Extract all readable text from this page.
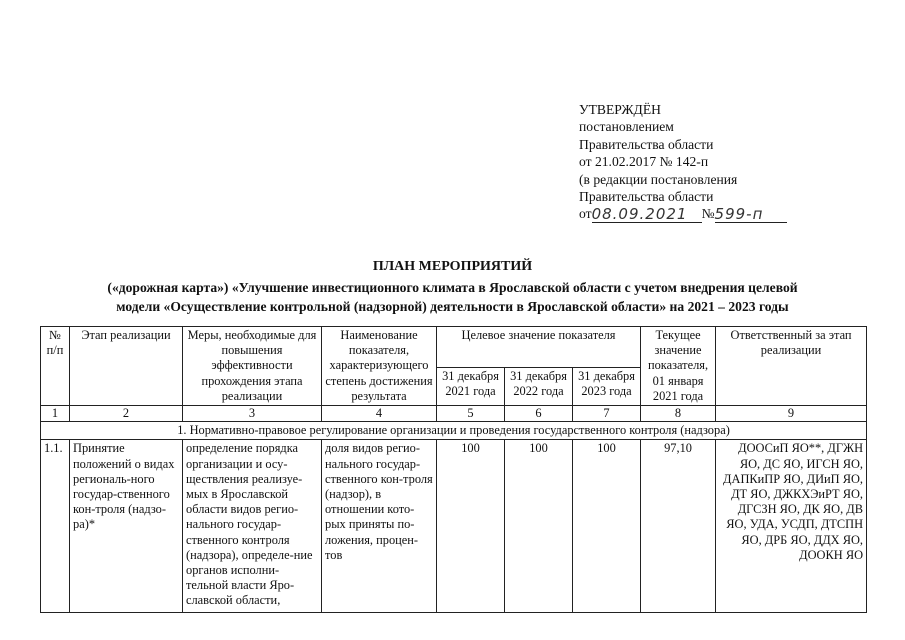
УТВЕРЖДЁН
постановлением
Правительства области
от 21.02.2017 № 142-п
(в редакции постановления
Правительства области
от 08.09.2021	№ 599-п
ПЛАН МЕРОПРИЯТИЙ
(«дорожная карта») «Улучшение инвестиционного климата в Ярославской области с учетом внедрения целевой
модели «Осуществление контрольной (надзорной) деятельности в Ярославской области» на 2021 – 2023 годы
№ п/п	Этап реализации	Меры, необходимые для повышения эффективности прохождения этапа реализации	Наименование показателя, характеризующего степень достижения результата	Целевое значение показателя			Текущее значение показателя, 01 января 2021 года	Ответственный за этап реализации
				31 декабря 2021 года	31 декабря 2022 года	31 декабря 2023 года		
1	2	3	4	5	6	7	8	9
1. Нормативно-правовое регулирование организации и проведения государственного контроля (надзора)								
1.1.	Принятие положений о видах региональ-ного государ-ственного кон-троля (надзо-ра)*	определение порядка организации и осу-ществления реализуе-мых в Ярославской области видов регио-нального государ-ственного контроля (надзора), определе-ние органов исполни-тельной власти Яро-славской области,	доля видов регио-нального государ-ственного кон-троля (надзор), в отношении кото-рых приняты по-ложения, процен-тов	100	100	100	97,10	ДООСиП ЯО**, ДГЖН ЯО, ДС ЯО, ИГСН ЯО, ДАПКиПР ЯО, ДИиП ЯО, ДТ ЯО, ДЖКХЭиРТ ЯО, ДГСЗН ЯО, ДК ЯО, ДВ ЯО, УДА, УСДП, ДТСПН ЯО, ДРБ ЯО, ДДХ ЯО, ДООКН ЯО
